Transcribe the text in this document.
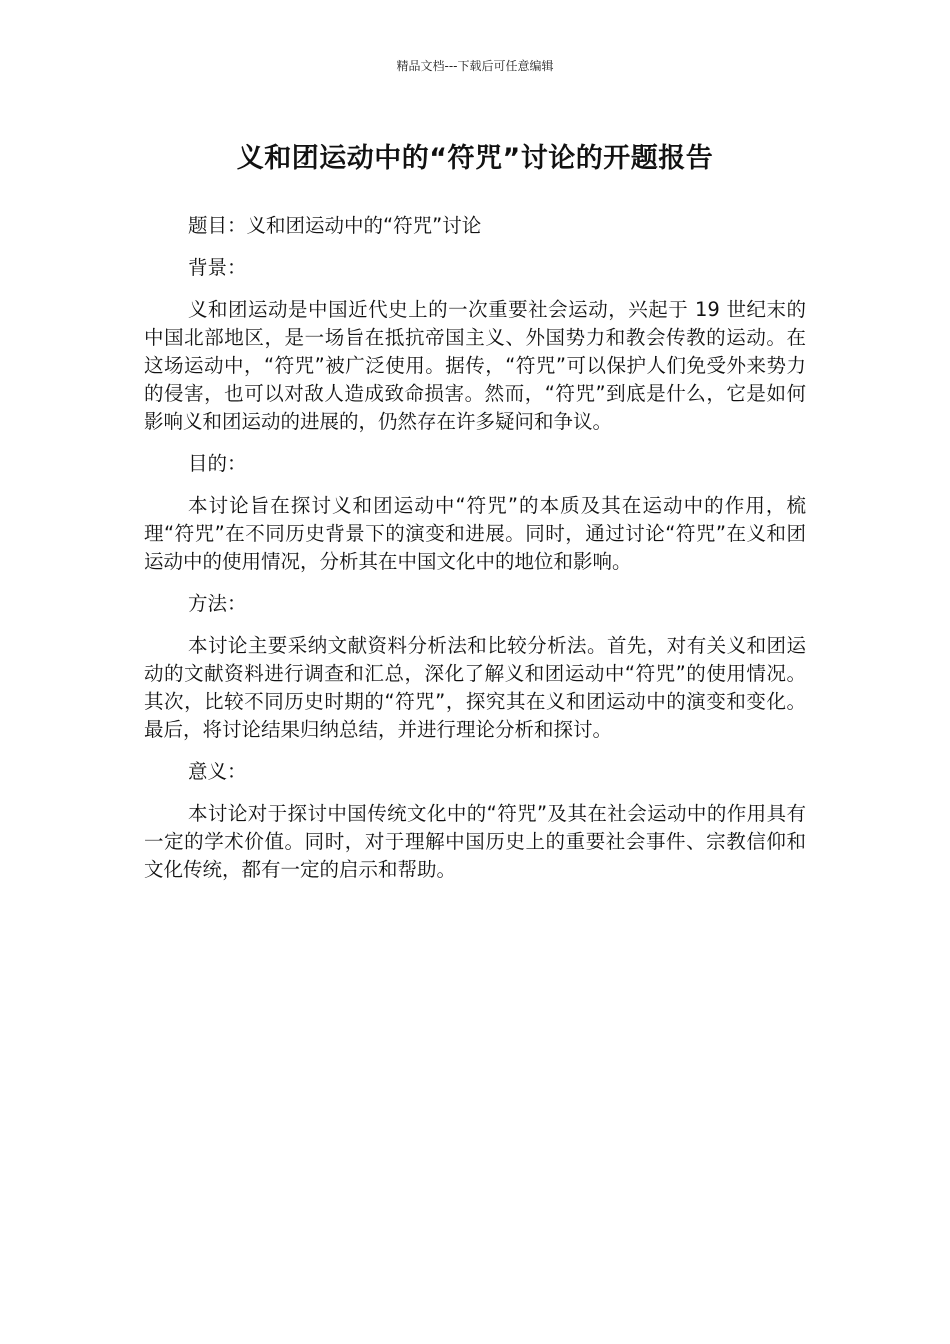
精品文档---下载后可任意编辑
义和团运动中的“符咒”讨论的开题报告

题目：义和团运动中的“符咒”讨论

背景：

义和团运动是中国近代史上的一次重要社会运动，兴起于 19 世纪末的中国北部地区，是一场旨在抵抗帝国主义、外国势力和教会传教的运动。在这场运动中，“符咒”被广泛使用。据传，“符咒”可以保护人们免受外来势力的侵害，也可以对敌人造成致命损害。然而，“符咒”到底是什么，它是如何影响义和团运动的进展的，仍然存在许多疑问和争议。

目的：

本讨论旨在探讨义和团运动中“符咒”的本质及其在运动中的作用，梳理“符咒”在不同历史背景下的演变和进展。同时，通过讨论“符咒”在义和团运动中的使用情况，分析其在中国文化中的地位和影响。

方法：

本讨论主要采纳文献资料分析法和比较分析法。首先，对有关义和团运动的文献资料进行调查和汇总，深化了解义和团运动中“符咒”的使用情况。其次，比较不同历史时期的“符咒”，探究其在义和团运动中的演变和变化。最后，将讨论结果归纳总结，并进行理论分析和探讨。

意义：

本讨论对于探讨中国传统文化中的“符咒”及其在社会运动中的作用具有一定的学术价值。同时，对于理解中国历史上的重要社会事件、宗教信仰和文化传统，都有一定的启示和帮助。
